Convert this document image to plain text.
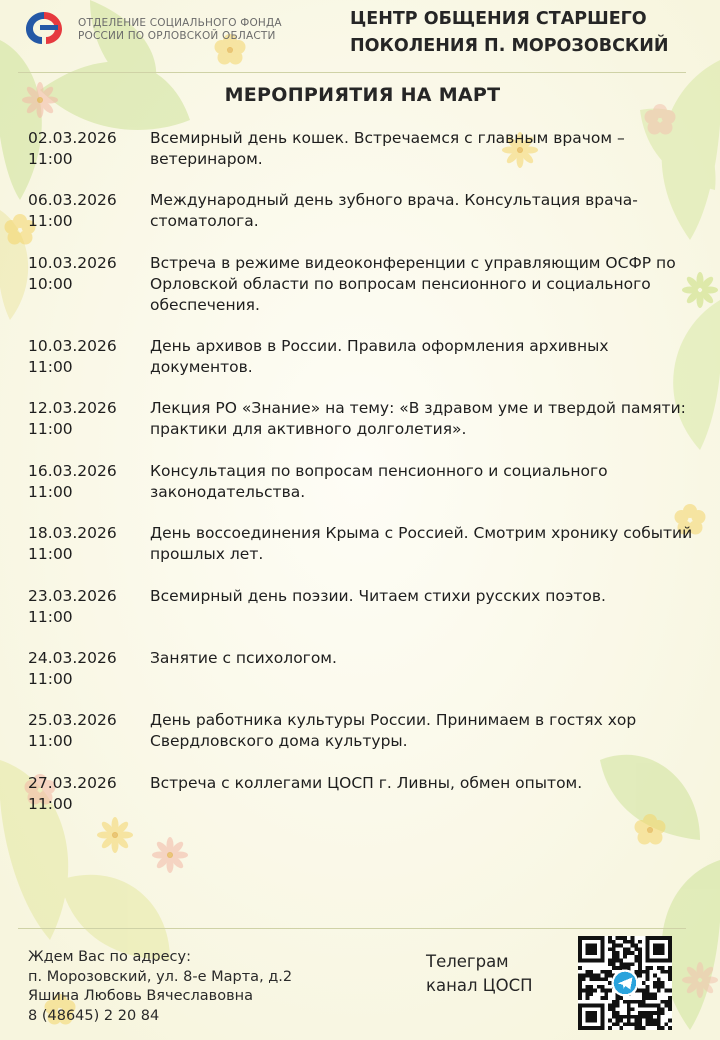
ОТДЕЛЕНИЕ СОЦИАЛЬНОГО ФОНДА
РОССИИ ПО ОРЛОВСКОЙ ОБЛАСТИ
ЦЕНТР ОБЩЕНИЯ СТАРШЕГО
ПОКОЛЕНИЯ П. МОРОЗОВСКИЙ
МЕРОПРИЯТИЯ НА МАРТ
02.03.2026
11:00
Всемирный день кошек. Встречаемся с главным врачом – ветеринаром.
06.03.2026
11:00
Международный день зубного врача. Консультация врача-стоматолога.
10.03.2026
10:00
Встреча в режиме видеоконференции с управляющим ОСФР по Орловской области по вопросам пенсионного и социального обеспечения.
10.03.2026
11:00
День архивов в России. Правила оформления архивных документов.
12.03.2026
11:00
Лекция РО «Знание» на тему: «В здравом уме и твердой памяти: практики для активного долголетия».
16.03.2026
11:00
Консультация по вопросам пенсионного и социального законодательства.
18.03.2026
11:00
День воссоединения Крыма с Россией. Смотрим хронику событий прошлых лет.
23.03.2026
11:00
Всемирный день поэзии. Читаем стихи русских поэтов.
24.03.2026
11:00
Занятие с психологом.
25.03.2026
11:00
День работника культуры России. Принимаем в гостях хор Свердловского дома культуры.
27.03.2026
11:00
Встреча с коллегами ЦОСП г. Ливны, обмен опытом.
Ждем Вас по адресу:
п. Морозовский, ул. 8-е Марта, д.2
Яшина Любовь Вячеславовна
8 (48645) 2 20 84
Телеграм
канал ЦОСП
